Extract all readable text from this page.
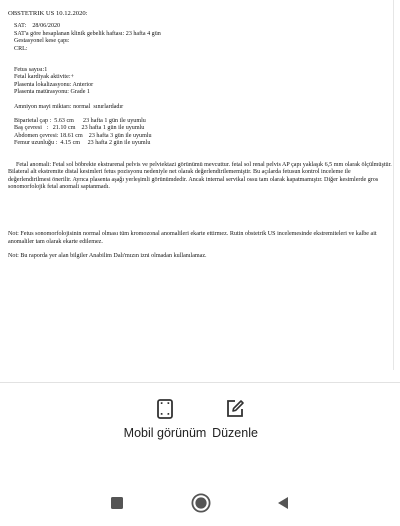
OBSTETRIK US 10.12.2020:
SAT:    28/06/2020
SAT'a göre hesaplanan klinik gebelik haftası: 23 hafta 4 gün
Gestasyonel kese çapı:
CRL:
Fetus sayısı:1
Fetal kardiyak aktivite:+
Plasenta lokalizasyonu: Anterior
Plasenta matürasyonu: Grade 1
Amniyon mayi miktarı: normal  sınırlardadır
Biparietal çap :  5.63 cm      23 hafta 1 gün ile uyumlu
Baş çevresi   :   21.10 cm    23 hafta 1 gün ile uyumlu
Abdomen çevresi: 18.61 cm    23 hafta 3 gün ile uyumlu
Femur uzunluğu :  4.15 cm     23 hafta 2 gün ile uyumlu
Fetal anomali: Fetal sol böbrekte ekstrarenal pelvis ve pelviektazi görünümü mevcuttur. fetal sol renal pelvis AP çapı yaklaşık 6,5 mm olarak ölçülmüştür. Bilateral alt ekstremite distal kesimleri fetus pozisyonu nedeniyle net olarak değerlendirilememiştir. Bu açılarda fetusun kontrol inceleme ile değerlendirilmesi önerilir. Ayrıca plasenta aşağı yerleşimli görünümdedir. Ancak internal servikal ossu tam olarak kapatmamıştır. Diğer kesimlerde gros sonomorfolojik fetal anomali saptanmadı.
Not: Fetus sonomorfolojisinin normal olması tüm kromozonal anomalileri ekarte ettirmez. Rutin obstetrik US incelemesinde ekstremiteleri ve kalbe ait anomaliler tam olarak ekarte edilemez.
Not: Bu raporda yer alan bilgiler Anabilim Dalı'mızın izni olmadan kullanılamaz.
Mobil görünüm Düzenle
